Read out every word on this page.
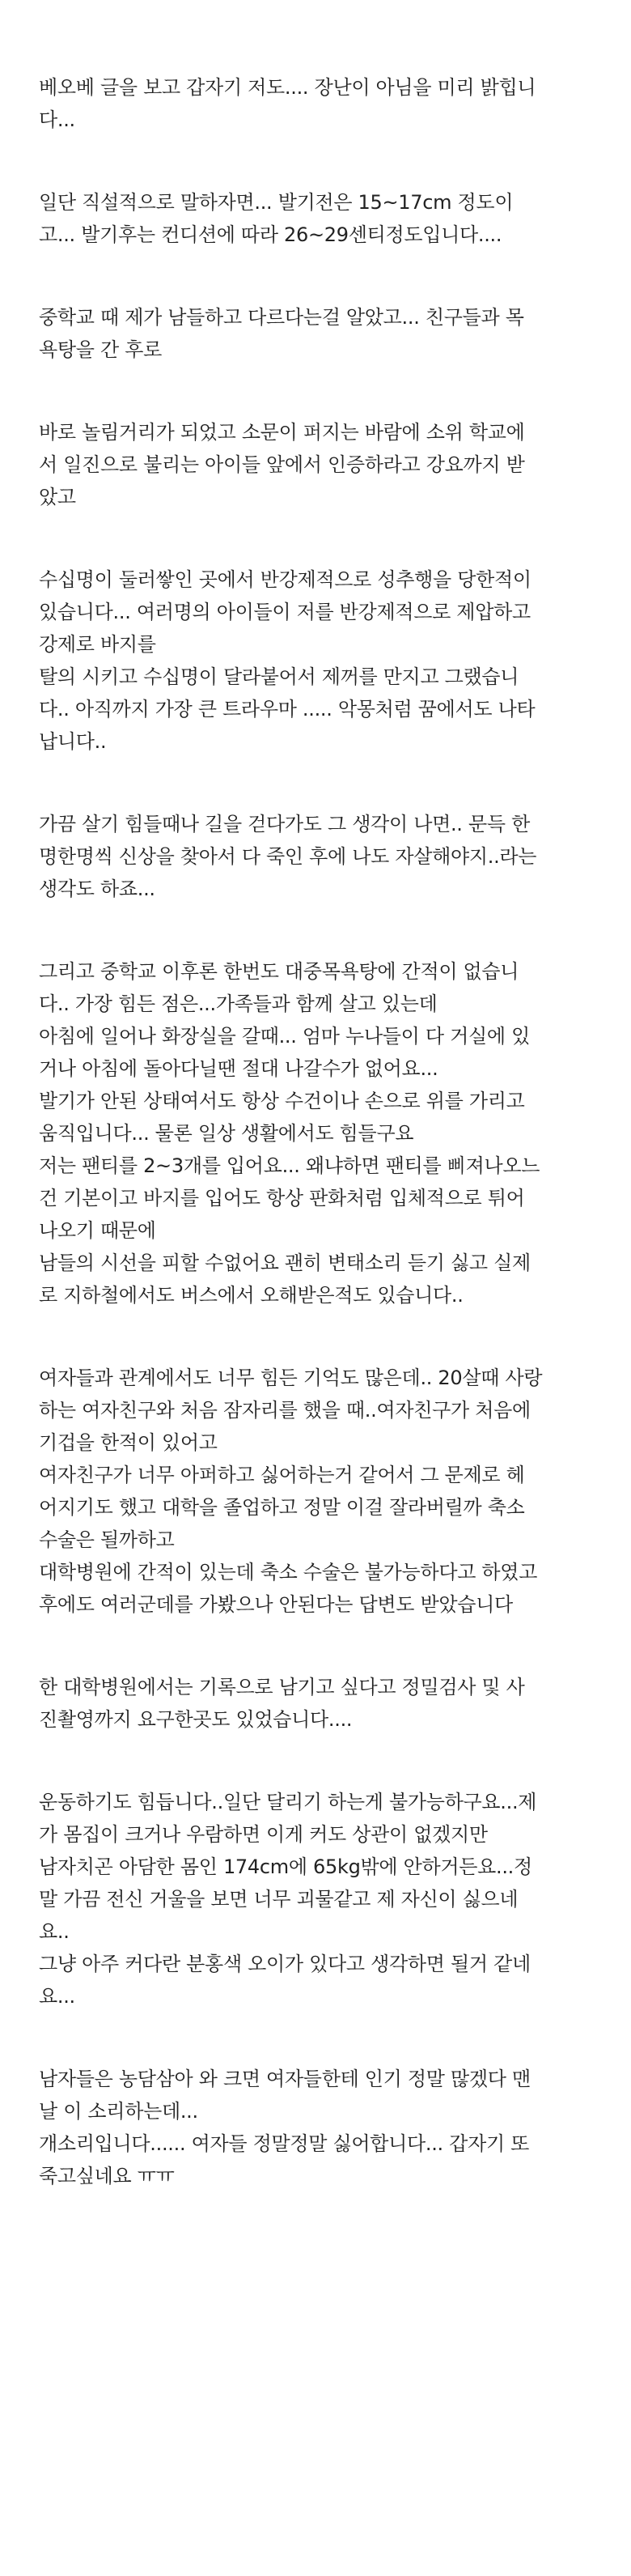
베오베 글을 보고 갑자기 저도.... 장난이 아님을 미리 밝힙니
다...

일단 직설적으로 말하자면... 발기전은 15~17cm 정도이
고... 발기후는 컨디션에 따라 26~29센티정도입니다....

중학교 때 제가 남들하고 다르다는걸 알았고... 친구들과 목
욕탕을 간 후로

바로 놀림거리가 되었고 소문이 퍼지는 바람에 소위 학교에
서 일진으로 불리는 아이들 앞에서 인증하라고 강요까지 받
았고

수십명이 둘러쌓인 곳에서 반강제적으로 성추행을 당한적이
있습니다... 여러명의 아이들이 저를 반강제적으로 제압하고
강제로 바지를
탈의 시키고 수십명이 달라붙어서 제꺼를 만지고 그랬습니
다.. 아직까지 가장 큰 트라우마 ..... 악몽처럼 꿈에서도 나타
납니다..

가끔 살기 힘들때나 길을 걷다가도 그 생각이 나면.. 문득 한
명한명씩 신상을 찾아서 다 죽인 후에 나도 자살해야지..라는
생각도 하죠...

그리고 중학교 이후론 한번도 대중목욕탕에 간적이 없습니
다.. 가장 힘든 점은...가족들과 함께 살고 있는데
아침에 일어나 화장실을 갈때... 엄마 누나들이 다 거실에 있
거나 아침에 돌아다닐땐 절대 나갈수가 없어요...
발기가 안된 상태여서도 항상 수건이나 손으로 위를 가리고
움직입니다... 물론 일상 생활에서도 힘들구요
저는 팬티를 2~3개를 입어요... 왜냐하면 팬티를 삐져나오느
건 기본이고 바지를 입어도 항상 판화처럼 입체적으로 튀어
나오기 때문에
남들의 시선을 피할 수없어요 괜히 변태소리 듣기 싫고 실제
로 지하철에서도 버스에서 오해받은적도 있습니다..

여자들과 관계에서도 너무 힘든 기억도 많은데.. 20살때 사랑
하는 여자친구와 처음 잠자리를 했을 때..여자친구가 처음에
기겁을 한적이 있어고
여자친구가 너무 아퍼하고 싫어하는거 같어서 그 문제로 헤
어지기도 했고 대학을 졸업하고 정말 이걸 잘라버릴까 축소
수술은 될까하고
대학병원에 간적이 있는데 축소 수술은 불가능하다고 하였고
후에도 여러군데를 가봤으나 안된다는 답변도 받았습니다

한 대학병원에서는 기록으로 남기고 싶다고 정밀검사 및 사
진촬영까지 요구한곳도 있었습니다....

운동하기도 힘듭니다..일단 달리기 하는게 불가능하구요...제
가 몸집이 크거나 우람하면 이게 커도 상관이 없겠지만
남자치곤 아담한 몸인 174cm에 65kg밖에 안하거든요...정
말 가끔 전신 거울을 보면 너무 괴물같고 제 자신이 싫으네
요..
그냥 아주 커다란 분홍색 오이가 있다고 생각하면 될거 같네
요...

남자들은 농담삼아 와 크면 여자들한테 인기 정말 많겠다 맨
날 이 소리하는데...
개소리입니다...... 여자들 정말정말 싫어합니다... 갑자기 또
죽고싶네요 ㅠㅠ
